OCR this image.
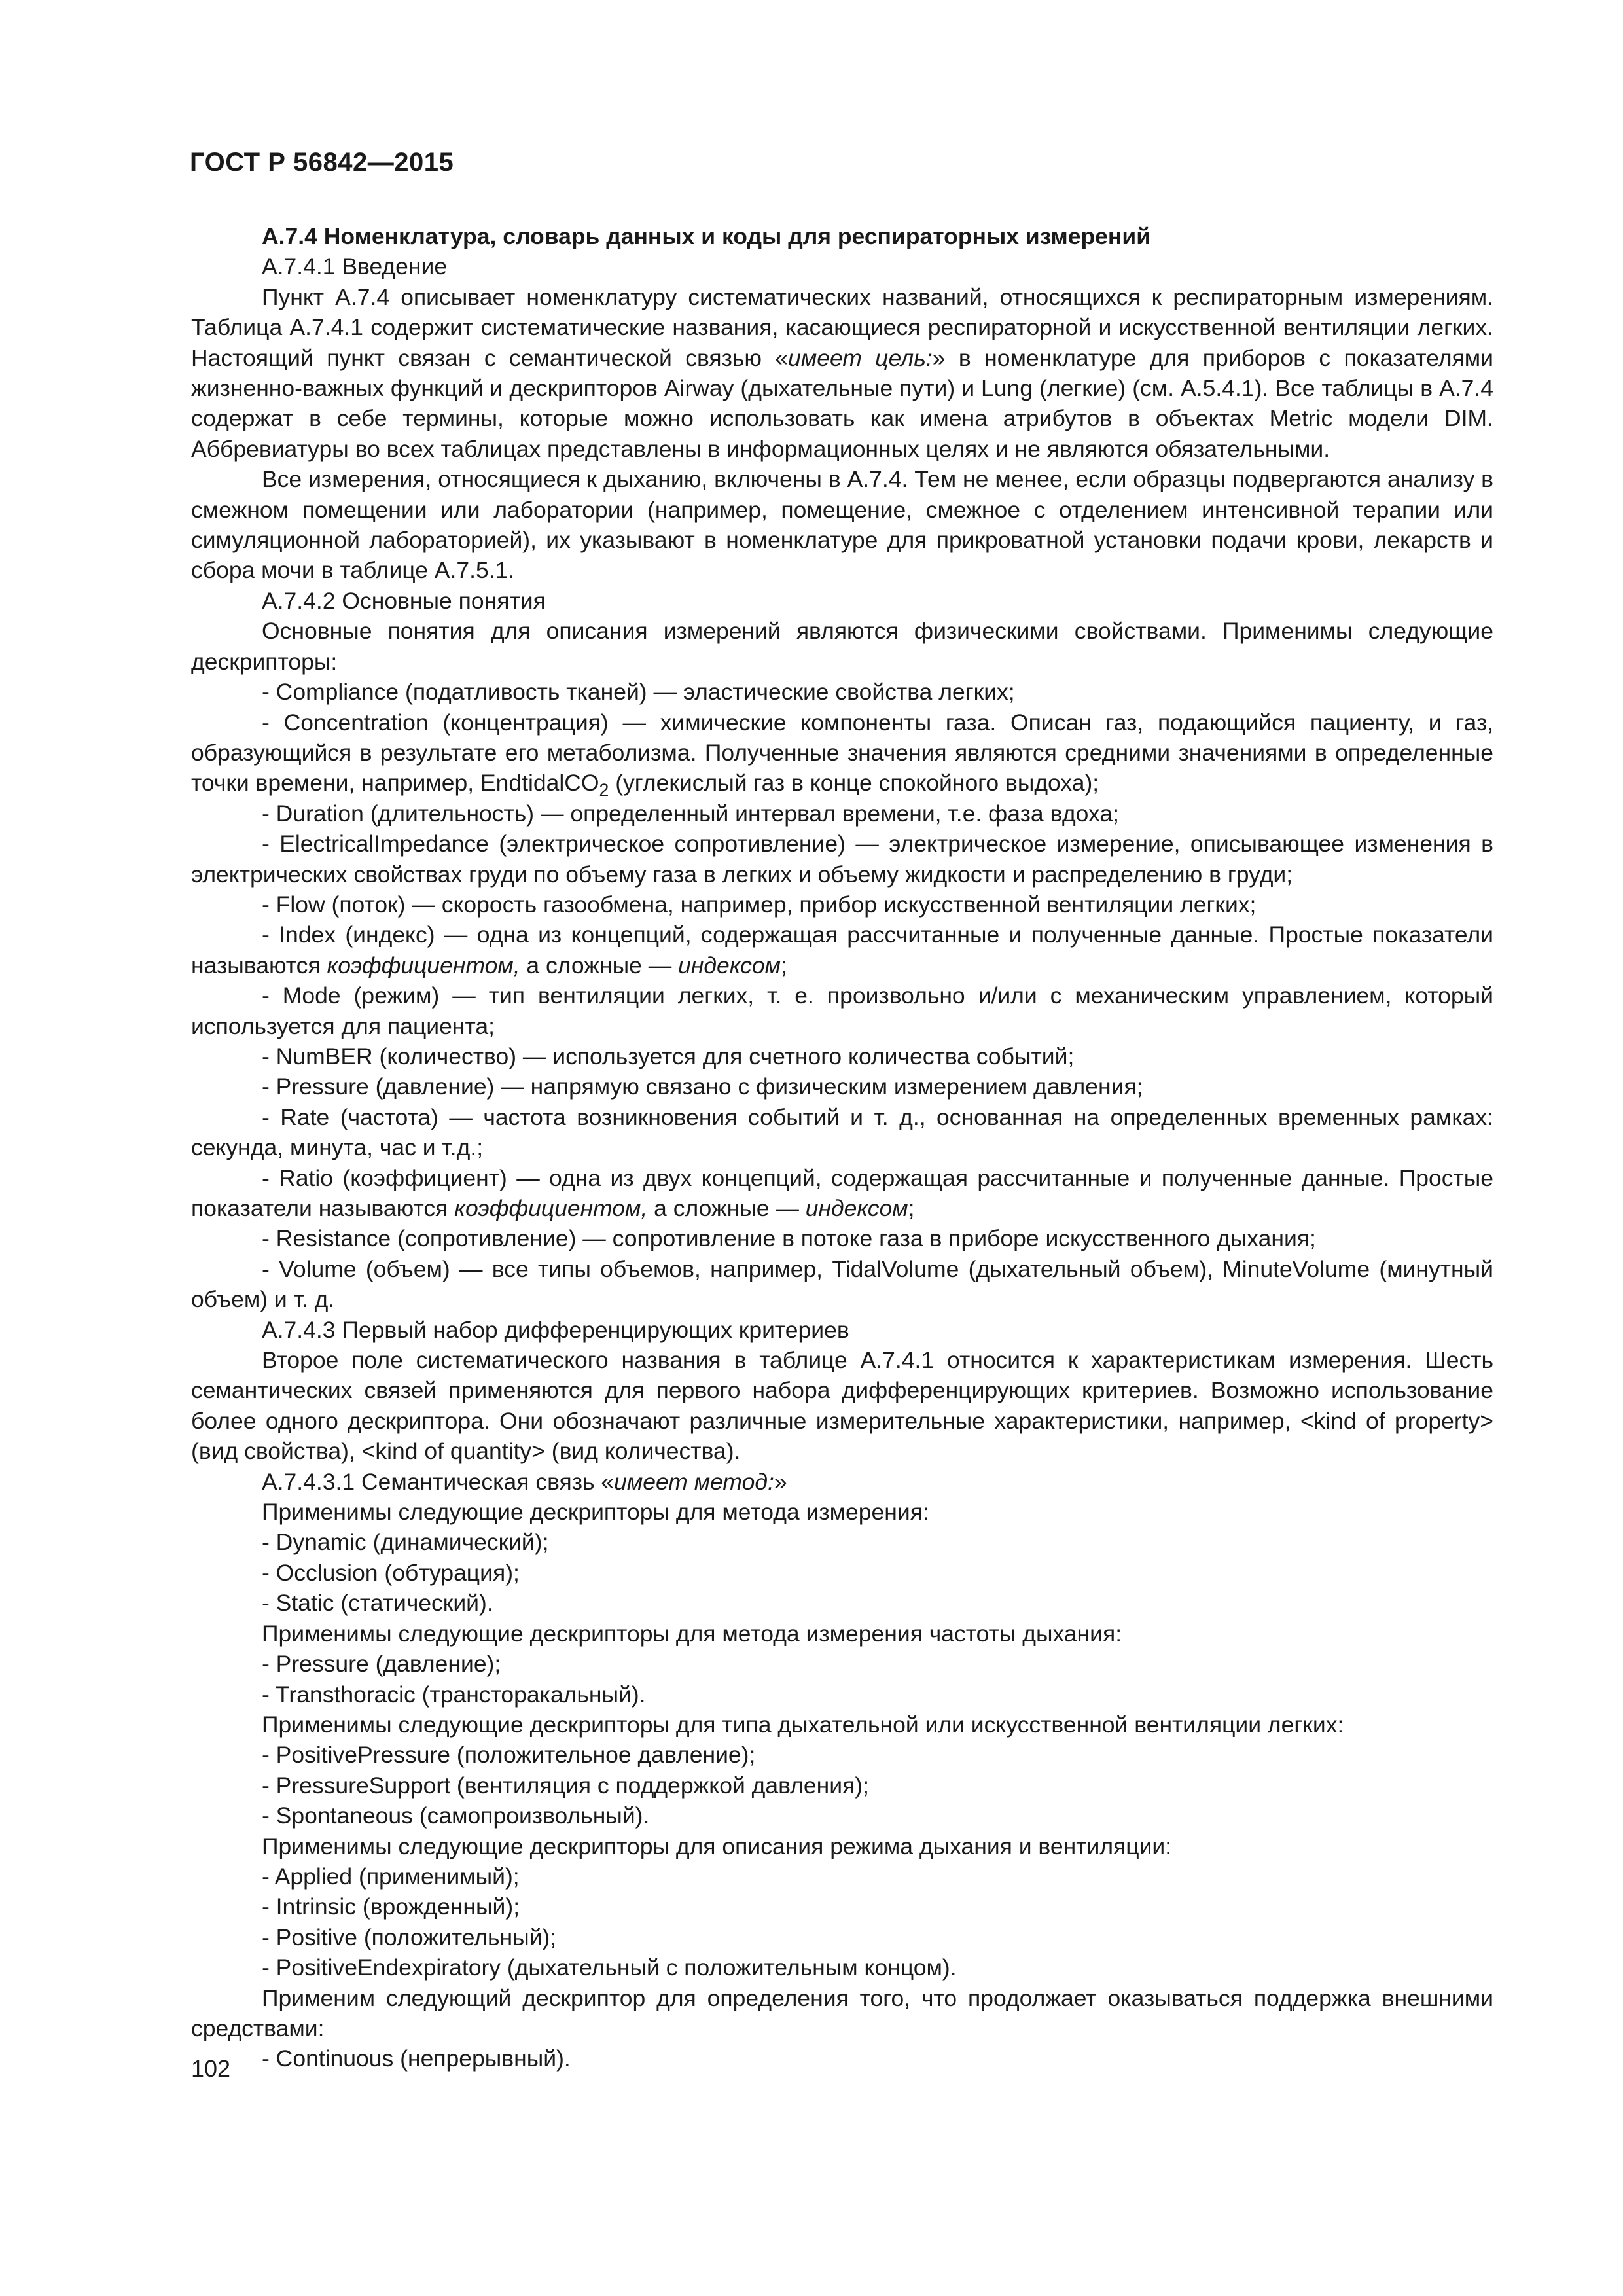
ГОСТ Р 56842—2015

А.7.4 Номенклатура, словарь данных и коды для респираторных измерений

А.7.4.1 Введение

Пункт А.7.4 описывает номенклатуру систематических названий, относящихся к респираторным измерениям. Таблица А.7.4.1 содержит систематические названия, касающиеся респираторной и искусственной вентиляции легких. Настоящий пункт связан с семантической связью «имеет цель:» в номенклатуре для приборов с показателями жизненно-важных функций и дескрипторов Airway (дыхательные пути) и Lung (легкие) (см. А.5.4.1). Все таблицы в А.7.4 содержат в себе термины, которые можно использовать как имена атрибутов в объектах Metric модели DIM. Аббревиатуры во всех таблицах представлены в информационных целях и не являются обязательными.

Все измерения, относящиеся к дыханию, включены в А.7.4. Тем не менее, если образцы подвергаются анализу в смежном помещении или лаборатории (например, помещение, смежное с отделением интенсивной терапии или симуляционной лабораторией), их указывают в номенклатуре для прикроватной установки подачи крови, лекарств и сбора мочи в таблице А.7.5.1.

А.7.4.2 Основные понятия

Основные понятия для описания измерений являются физическими свойствами. Применимы следующие дескрипторы:

- Compliance (податливость тканей) — эластические свойства легких;

- Concentration (концентрация) — химические компоненты газа. Описан газ, подающийся пациенту, и газ, образующийся в результате его метаболизма. Полученные значения являются средними значениями в определенные точки времени, например, EndtidalCO$_2$ (углекислый газ в конце спокойного выдоха);

- Duration (длительность) — определенный интервал времени, т.е. фаза вдоха;

- ElectricalImpedance (электрическое сопротивление) — электрическое измерение, описывающее изменения в электрических свойствах груди по объему газа в легких и объему жидкости и распределению в груди;

- Flow (поток) — скорость газообмена, например, прибор искусственной вентиляции легких;

- Index (индекс) — одна из концепций, содержащая рассчитанные и полученные данные. Простые показатели называются коэффициентом, а сложные — индексом;

- Mode (режим) — тип вентиляции легких, т. е. произвольно и/или с механическим управлением, который используется для пациента;

- NumBER (количество) — используется для счетного количества событий;

- Pressure (давление) — напрямую связано с физическим измерением давления;

- Rate (частота) — частота возникновения событий и т. д., основанная на определенных временных рамках: секунда, минута, час и т.д.;

- Ratio (коэффициент) — одна из двух концепций, содержащая рассчитанные и полученные данные. Простые показатели называются коэффициентом, а сложные — индексом;

- Resistance (сопротивление) — сопротивление в потоке газа в приборе искусственного дыхания;

- Volume (объем) — все типы объемов, например, TidalVolume (дыхательный объем), MinuteVolume (минутный объем) и т. д.

А.7.4.3 Первый набор дифференцирующих критериев

Второе поле систематического названия в таблице А.7.4.1 относится к характеристикам измерения. Шесть семантических связей применяются для первого набора дифференцирующих критериев. Возможно использование более одного дескриптора. Они обозначают различные измерительные характеристики, например, <kind of property> (вид свойства), <kind of quantity> (вид количества).

А.7.4.3.1 Семантическая связь «имеет метод:»

Применимы следующие дескрипторы для метода измерения:

- Dynamic (динамический);

- Occlusion (обтурация);

- Static (статический).

Применимы следующие дескрипторы для метода измерения частоты дыхания:

- Pressure (давление);

- Transthoracic (трансторакальный).

Применимы следующие дескрипторы для типа дыхательной или искусственной вентиляции легких:

- PositivePressure (положительное давление);

- PressureSupport (вентиляция с поддержкой давления);

- Spontaneous (самопроизвольный).

Применимы следующие дескрипторы для описания режима дыхания и вентиляции:

- Applied (применимый);

- Intrinsic (врожденный);

- Positive (положительный);

- PositiveEndexpiratory (дыхательный с положительным концом).

Применим следующий дескриптор для определения того, что продолжает оказываться поддержка внешними средствами:

- Continuous (непрерывный).

102
